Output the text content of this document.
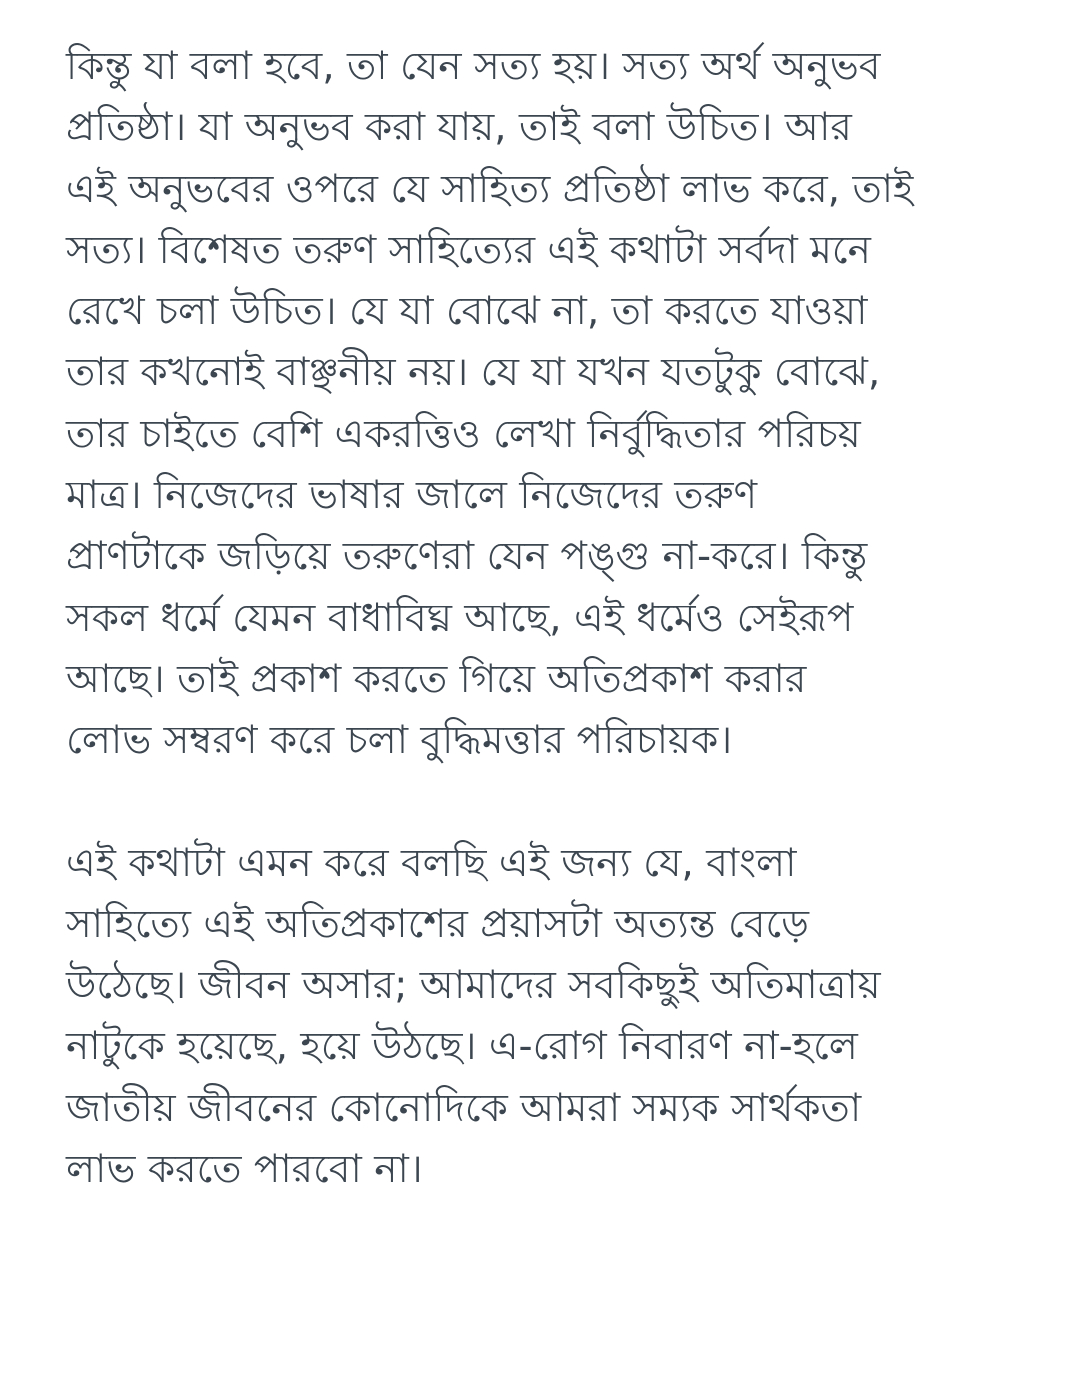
কিন্তু যা বলা হবে, তা যেন সত্য হয়। সত্য অর্থ অনুভব
প্রতিষ্ঠা। যা অনুভব করা যায়, তাই বলা উচিত। আর
এই অনুভবের ওপরে যে সাহিত্য প্রতিষ্ঠা লাভ করে, তাই
সত্য। বিশেষত তরুণ সাহিত্যের এই কথাটা সর্বদা মনে
রেখে চলা উচিত। যে যা বোঝে না, তা করতে যাওয়া
তার কখনোই বাঞ্ছনীয় নয়। যে যা যখন যতটুকু বোঝে,
তার চাইতে বেশি একরত্তিও লেখা নির্বুদ্ধিতার পরিচয়
মাত্র। নিজেদের ভাষার জালে নিজেদের তরুণ
প্রাণটাকে জড়িয়ে তরুণেরা যেন পঙ্গু না-করে। কিন্তু
সকল ধর্মে যেমন বাধাবিঘ্ন আছে, এই ধর্মেও সেইরূপ
আছে। তাই প্রকাশ করতে গিয়ে অতিপ্রকাশ করার
লোভ সম্বরণ করে চলা বুদ্ধিমত্তার পরিচায়ক।

এই কথাটা এমন করে বলছি এই জন্য যে, বাংলা
সাহিত্যে এই অতিপ্রকাশের প্রয়াসটা অত্যন্ত বেড়ে
উঠেছে। জীবন অসার; আমাদের সবকিছুই অতিমাত্রায়
নাটুকে হয়েছে, হয়ে উঠছে। এ-রোগ নিবারণ না-হলে
জাতীয় জীবনের কোনোদিকে আমরা সম্যক সার্থকতা
লাভ করতে পারবো না।
